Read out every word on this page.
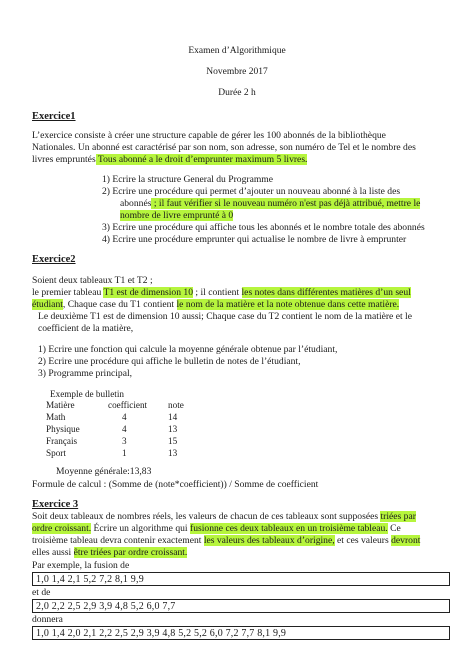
Examen d’Algorithmique
Novembre 2017
Durée 2 h
Exercice1
L’exercice consiste à créer une structure capable de gérer les 100 abonnés de la bibliothèque
Nationales. Un abonné est caractérisé par son nom, son adresse, son numéro de Tel et le nombre des
livres empruntés Tous abonné a le droit d’emprunter maximum 5 livres.
1) Ecrire la structure General du Programme
2) Ecrire une procédure qui permet d’ajouter un nouveau abonné à la liste des
abonnés ; il faut vérifier si le nouveau numéro n'est pas déjà attribué, mettre le
nombre de livre emprunté à 0
3) Ecrire une procédure qui affiche tous les abonnés et le nombre totale des abonnés
4) Ecrire une procédure emprunter qui actualise le nombre de livre à emprunter
Exercice2
Soient deux tableaux T1 et T2 ;
le premier tableau T1 est de dimension 10 ; il contient les notes dans différentes matières d’un seul
étudiant, Chaque case du T1 contient le nom de la matière et la note obtenue dans cette matière.
Le deuxième T1 est de dimension 10 aussi; Chaque case du T2 contient le nom de la matière et le
coefficient de la matière,
1) Ecrire une fonction qui calcule la moyenne générale obtenue par l’étudiant,
2) Ecrire une procédure qui affiche le bulletin de notes de l’étudiant,
3) Programme principal,
Exemple de bulletin
Matière	coefficient note
Math	4	14
Physique	4	13
Français	3	15
Sport	1	13
Moyenne générale:13,83
Formule de calcul : (Somme de (note*coefficient)) / Somme de coefficient
Exercice 3
Soit deux tableaux de nombres réels, les valeurs de chacun de ces tableaux sont supposées triées par
ordre croissant. Écrire un algorithme qui fusionne ces deux tableaux en un troisième tableau. Ce
troisième tableau devra contenir exactement les valeurs des tableaux d’origine, et ces valeurs devront
elles aussi être triées par ordre croissant.
Par exemple, la fusion de
1,0 1,4 2,1 5,2 7,2 8,1 9,9
et de
2,0 2,2 2,5 2,9 3,9 4,8 5,2 6,0 7,7
donnera
1,0 1,4 2,0 2,1 2,2 2,5 2,9 3,9 4,8 5,2 5,2 6,0 7,2 7,7 8,1 9,9
